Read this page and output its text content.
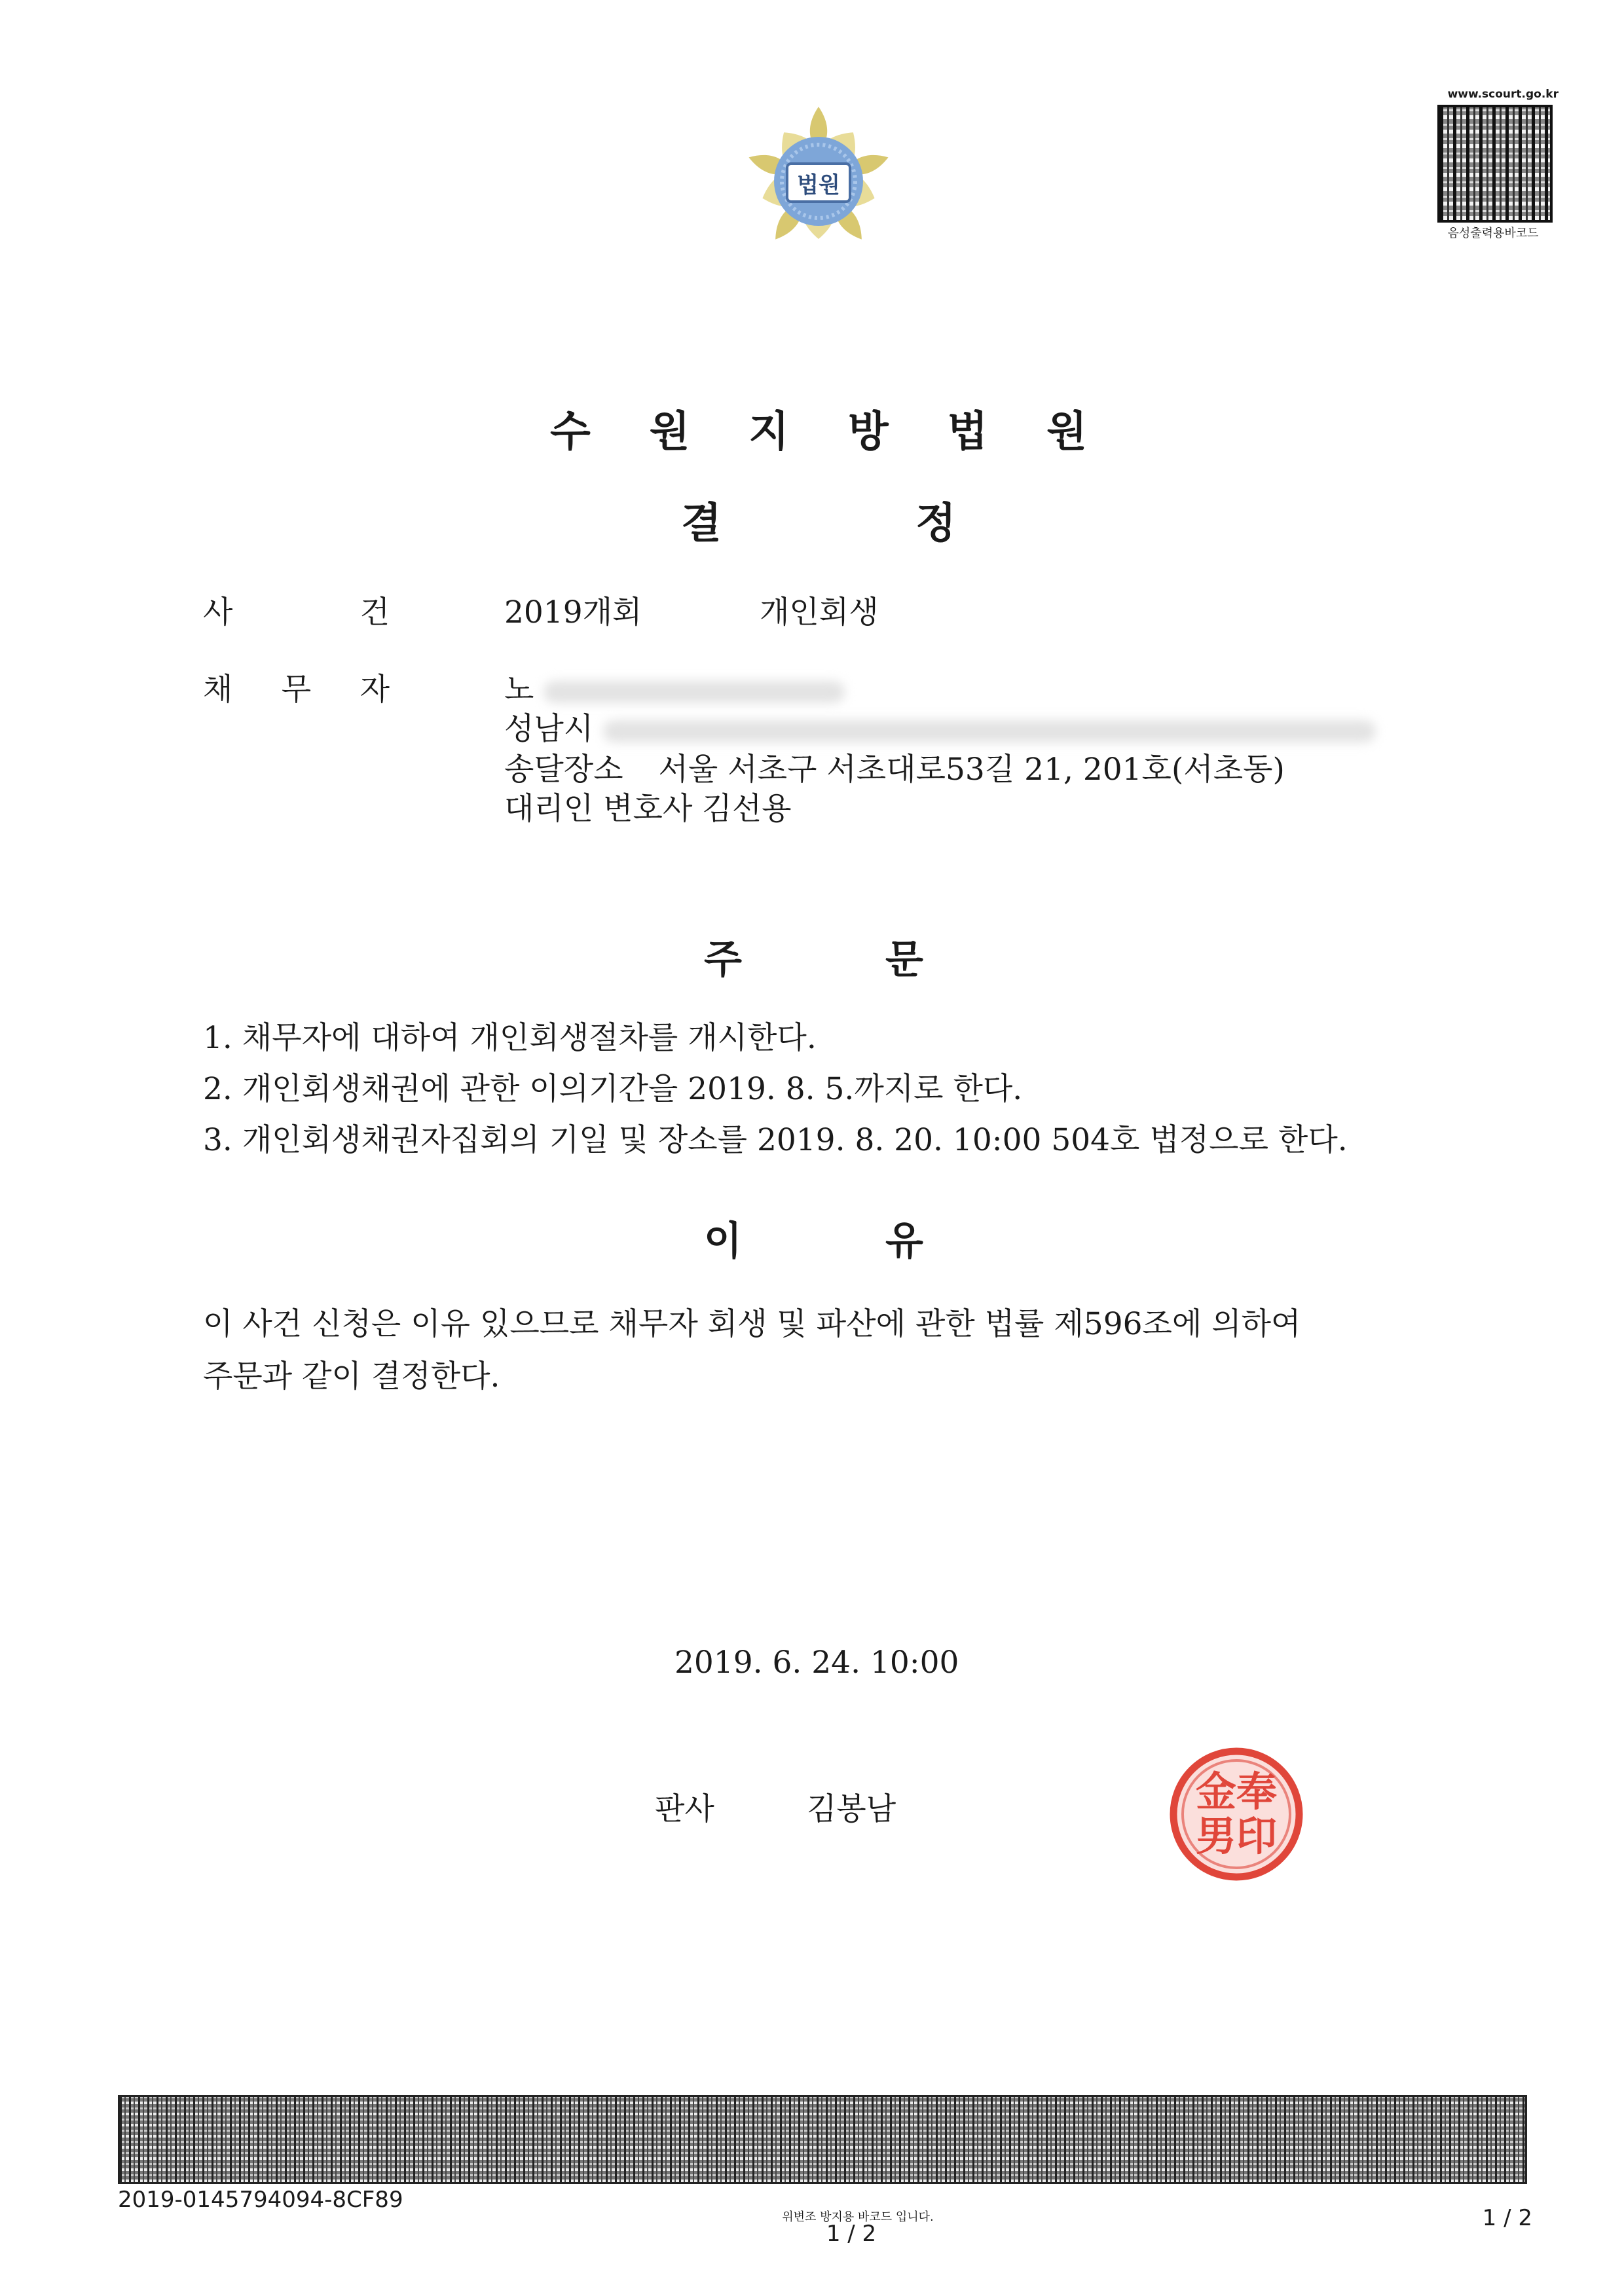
법원
www.scourt.go.kr
음성출력용바코드
수 원 지 방 법 원
결	정
사	건	2019개회	개인회생
채 무 자	노
성남시
송달장소 서울 서초구 서초대로53길 21, 201호(서초동)
대리인 변호사 김선용
주	문
1. 채무자에 대하여 개인회생절차를 개시한다.
2. 개인회생채권에 관한 이의기간을 2019. 8. 5.까지로 한다.
3. 개인회생채권자집회의 기일 및 장소를 2019. 8. 20. 10:00 504호 법정으로 한다.
이	유
이 사건 신청은 이유 있으므로 채무자 회생 및 파산에 관한 법률 제596조에 의하여
주문과 같이 결정한다.
2019. 6. 24. 10:00
판사	김봉남	金奉男印
2019-0145794094-8CF89
위변조 방지용 바코드 입니다.
1 / 2
1 / 2
